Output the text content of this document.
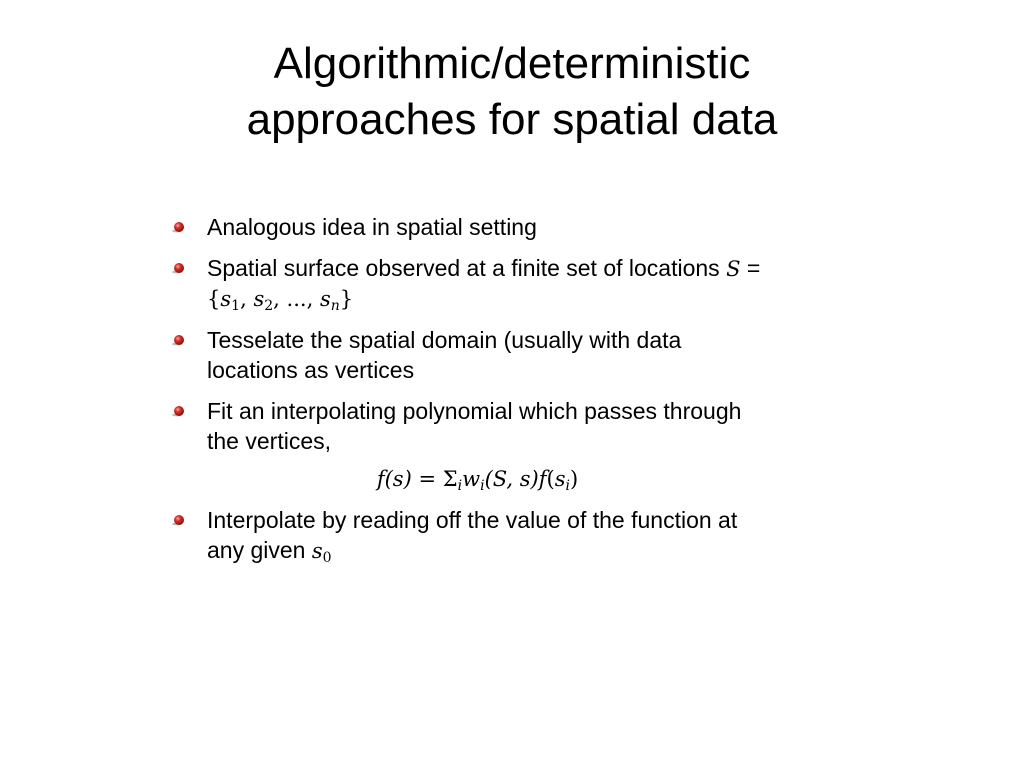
Algorithmic/deterministic
approaches for spatial data
Analogous idea in spatial setting
Spatial surface observed at a finite set of locations S =
{$s_1$, $s_2$, ..., $s_n$}
Tesselate the spatial domain (usually with data
locations as vertices
Fit an interpolating polynomial which passes through
the vertices,
$f(s) = \Sigma_iw_i(S$, $s)f(s_i)$
Interpolate by reading off the value of the function at
any given $s_0$
